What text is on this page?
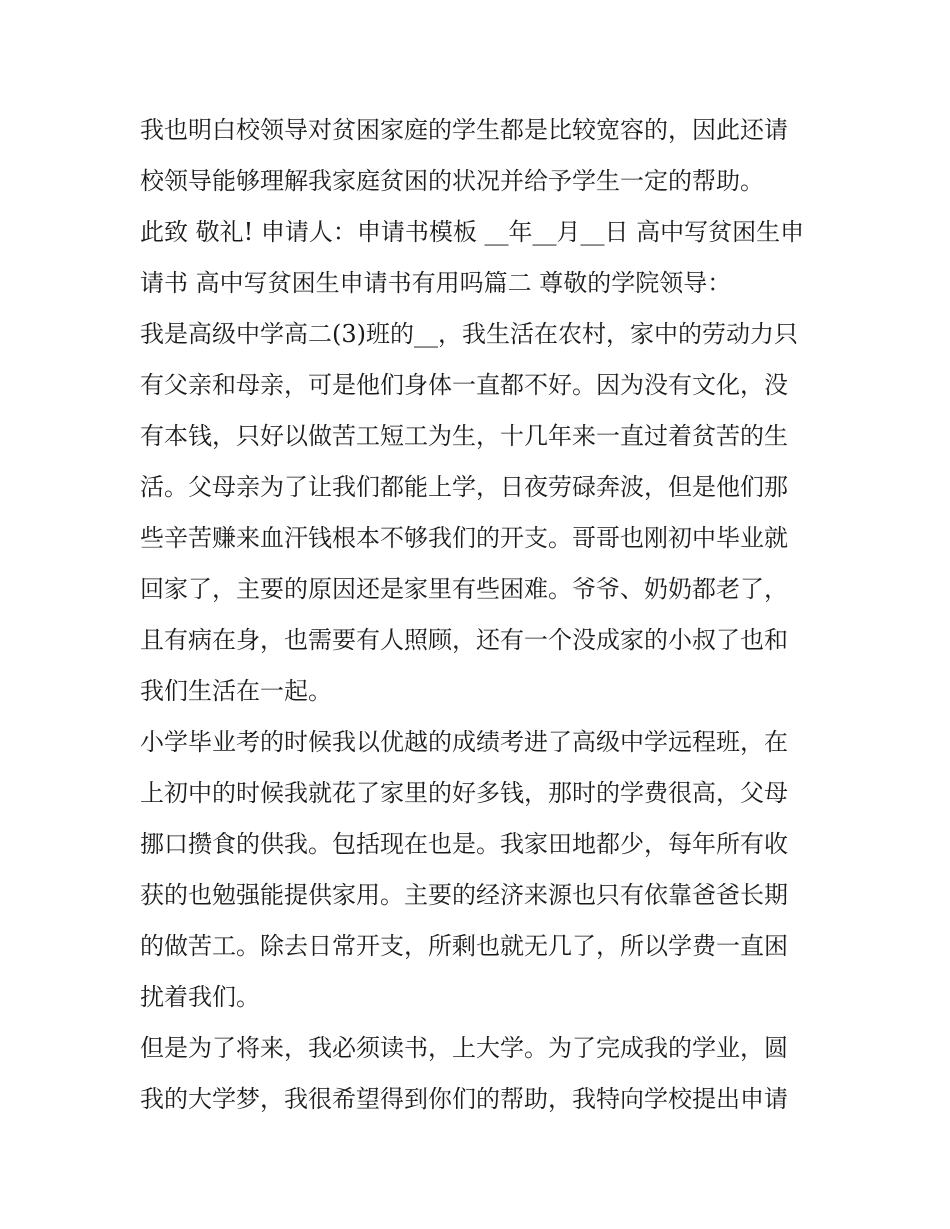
我也明白校领导对贫困家庭的学生都是比较宽容的，因此还请
校领导能够理解我家庭贫困的状况并给予学生一定的帮助。
此致 敬礼! 申请人：申请书模板 __年__月__日 高中写贫困生申
请书 高中写贫困生申请书有用吗篇二 尊敬的学院领导：
我是高级中学高二(3)班的__，我生活在农村，家中的劳动力只
有父亲和母亲，可是他们身体一直都不好。因为没有文化，没
有本钱，只好以做苦工短工为生，十几年来一直过着贫苦的生
活。父母亲为了让我们都能上学，日夜劳碌奔波，但是他们那
些辛苦赚来血汗钱根本不够我们的开支。哥哥也刚初中毕业就
回家了，主要的原因还是家里有些困难。爷爷、奶奶都老了，
且有病在身，也需要有人照顾，还有一个没成家的小叔了也和
我们生活在一起。
小学毕业考的时候我以优越的成绩考进了高级中学远程班，在
上初中的时候我就花了家里的好多钱，那时的学费很高，父母
挪口攒食的供我。包括现在也是。我家田地都少，每年所有收
获的也勉强能提供家用。主要的经济来源也只有依靠爸爸长期
的做苦工。除去日常开支，所剩也就无几了，所以学费一直困
扰着我们。
但是为了将来，我必须读书，上大学。为了完成我的学业，圆
我的大学梦，我很希望得到你们的帮助，我特向学校提出申请
